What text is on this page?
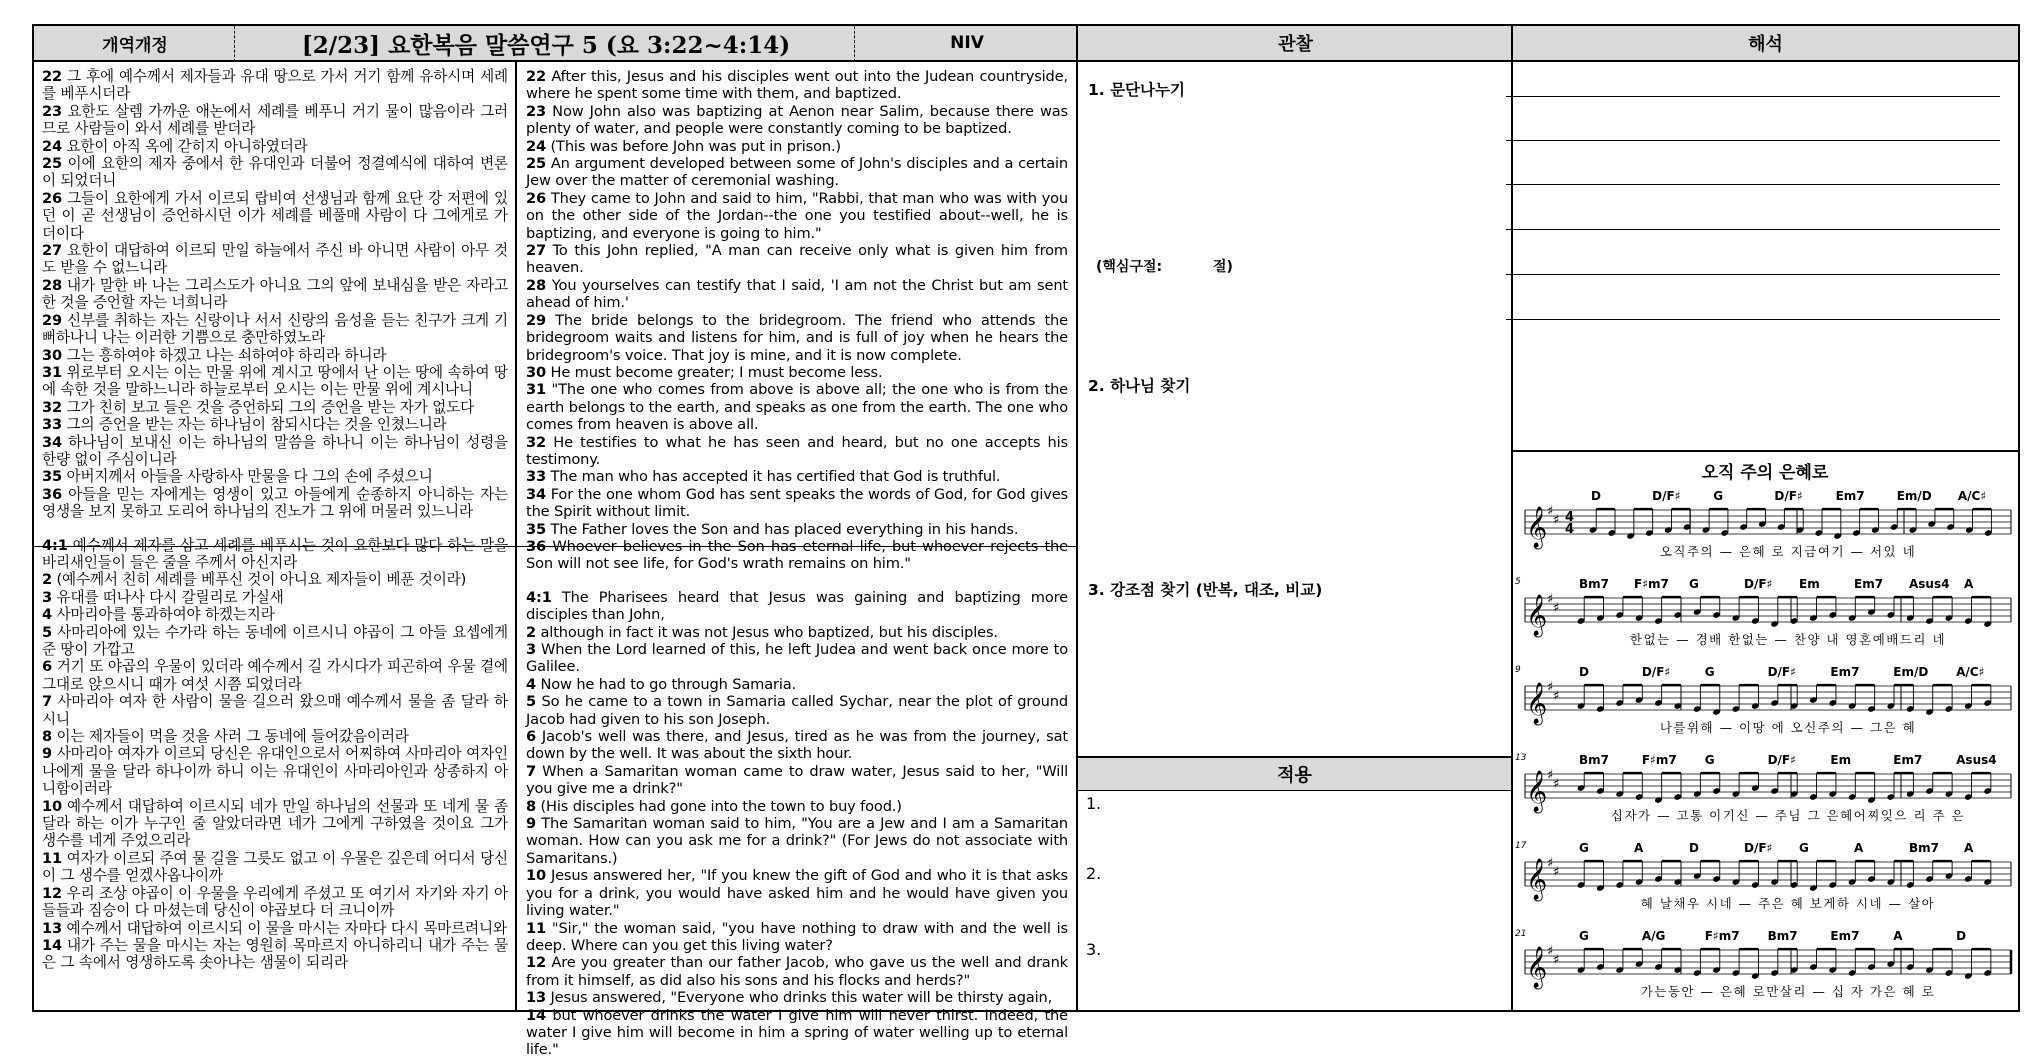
개역개정	[2/23] 요한복음 말씀연구 5 (요 3:22~4:14)	NIV	관찰	해석

22 그 후에 예수께서 제자들과 유대 땅으로 가서 거기 함께 유하시며 세례를 베푸시더라

23 요한도 살렘 가까운 애논에서 세례를 베푸니 거기 물이 많음이라 그러므로 사람들이 와서 세례를 받더라

24 요한이 아직 옥에 갇히지 아니하였더라

25 이에 요한의 제자 중에서 한 유대인과 더불어 정결예식에 대하여 변론이 되었더니

26 그들이 요한에게 가서 이르되 랍비여 선생님과 함께 요단 강 저편에 있던 이 곧 선생님이 증언하시던 이가 세례를 베풀매 사람이 다 그에게로 가더이다

27 요한이 대답하여 이르되 만일 하늘에서 주신 바 아니면 사람이 아무 것도 받을 수 없느니라

28 내가 말한 바 나는 그리스도가 아니요 그의 앞에 보내심을 받은 자라고 한 것을 증언할 자는 너희니라

29 신부를 취하는 자는 신랑이나 서서 신랑의 음성을 듣는 친구가 크게 기뻐하나니 나는 이러한 기쁨으로 충만하였노라

30 그는 흥하여야 하겠고 나는 쇠하여야 하리라 하니라

31 위로부터 오시는 이는 만물 위에 계시고 땅에서 난 이는 땅에 속하여 땅에 속한 것을 말하느니라 하늘로부터 오시는 이는 만물 위에 계시나니

32 그가 친히 보고 들은 것을 증언하되 그의 증언을 받는 자가 없도다

33 그의 증언을 받는 자는 하나님이 참되시다는 것을 인쳤느니라

34 하나님이 보내신 이는 하나님의 말씀을 하나니 이는 하나님이 성령을 한량 없이 주심이니라

35 아버지께서 아들을 사랑하사 만물을 다 그의 손에 주셨으니

36 아들을 믿는 자에게는 영생이 있고 아들에게 순종하지 아니하는 자는 영생을 보지 못하고 도리어 하나님의 진노가 그 위에 머물러 있느니라

4:1 예수께서 제자를 삼고 세례를 베푸시는 것이 요한보다 많다 하는 말을 바리새인들이 들은 줄을 주께서 아신지라

2 (예수께서 친히 세례를 베푸신 것이 아니요 제자들이 베푼 것이라)

3 유대를 떠나사 다시 갈릴리로 가실새

4 사마리아를 통과하여야 하겠는지라

5 사마리아에 있는 수가라 하는 동네에 이르시니 야곱이 그 아들 요셉에게 준 땅이 가깝고

6 거기 또 야곱의 우물이 있더라 예수께서 길 가시다가 피곤하여 우물 곁에 그대로 앉으시니 때가 여섯 시쯤 되었더라

7 사마리아 여자 한 사람이 물을 길으러 왔으매 예수께서 물을 좀 달라 하시니

8 이는 제자들이 먹을 것을 사러 그 동네에 들어갔음이러라

9 사마리아 여자가 이르되 당신은 유대인으로서 어찌하여 사마리아 여자인 나에게 물을 달라 하나이까 하니 이는 유대인이 사마리아인과 상종하지 아니함이러라

10 예수께서 대답하여 이르시되 네가 만일 하나님의 선물과 또 네게 물 좀 달라 하는 이가 누구인 줄 알았더라면 네가 그에게 구하였을 것이요 그가 생수를 네게 주었으리라

11 여자가 이르되 주여 물 길을 그릇도 없고 이 우물은 깊은데 어디서 당신이 그 생수를 얻겠사옵나이까

12 우리 조상 야곱이 이 우물을 우리에게 주셨고 또 여기서 자기와 자기 아들들과 짐승이 다 마셨는데 당신이 야곱보다 더 크니이까

13 예수께서 대답하여 이르시되 이 물을 마시는 자마다 다시 목마르려니와

14 내가 주는 물을 마시는 자는 영원히 목마르지 아니하리니 내가 주는 물은 그 속에서 영생하도록 솟아나는 샘물이 되리라

22 After this, Jesus and his disciples went out into the Judean countryside, where he spent some time with them, and baptized.

23 Now John also was baptizing at Aenon near Salim, because there was plenty of water, and people were constantly coming to be baptized.

24 (This was before John was put in prison.)

25 An argument developed between some of John's disciples and a certain Jew over the matter of ceremonial washing.

26 They came to John and said to him, "Rabbi, that man who was with you on the other side of the Jordan--the one you testified about--well, he is baptizing, and everyone is going to him."

27 To this John replied, "A man can receive only what is given him from heaven.

28 You yourselves can testify that I said, 'I am not the Christ but am sent ahead of him.'

29 The bride belongs to the bridegroom. The friend who attends the bridegroom waits and listens for him, and is full of joy when he hears the bridegroom's voice. That joy is mine, and it is now complete.

30 He must become greater; I must become less.

31 "The one who comes from above is above all; the one who is from the earth belongs to the earth, and speaks as one from the earth. The one who comes from heaven is above all.

32 He testifies to what he has seen and heard, but no one accepts his testimony.

33 The man who has accepted it has certified that God is truthful.

34 For the one whom God has sent speaks the words of God, for God gives the Spirit without limit.

35 The Father loves the Son and has placed everything in his hands.

36 Whoever believes in the Son has eternal life, but whoever rejects the Son will not see life, for God's wrath remains on him."

4:1 The Pharisees heard that Jesus was gaining and baptizing more disciples than John,

2 although in fact it was not Jesus who baptized, but his disciples.

3 When the Lord learned of this, he left Judea and went back once more to Galilee.

4 Now he had to go through Samaria.

5 So he came to a town in Samaria called Sychar, near the plot of ground Jacob had given to his son Joseph.

6 Jacob's well was there, and Jesus, tired as he was from the journey, sat down by the well. It was about the sixth hour.

7 When a Samaritan woman came to draw water, Jesus said to her, "Will you give me a drink?"

8 (His disciples had gone into the town to buy food.)

9 The Samaritan woman said to him, "You are a Jew and I am a Samaritan woman. How can you ask me for a drink?" (For Jews do not associate with Samaritans.)

10 Jesus answered her, "If you knew the gift of God and who it is that asks you for a drink, you would have asked him and he would have given you living water."

11 "Sir," the woman said, "you have nothing to draw with and the well is deep. Where can you get this living water?

12 Are you greater than our father Jacob, who gave us the well and drank from it himself, as did also his sons and his flocks and herds?"

13 Jesus answered, "Everyone who drinks this water will be thirsty again,

14 but whoever drinks the water I give him will never thirst. Indeed, the water I give him will become in him a spring of water welling up to eternal life."

1. 문단나누기
(핵심구절:	절)
2. 하나님 찾기
3. 강조점 찾기 (반복, 대조, 비교)
적용
1.
2.
3.
오직 주의 은혜로
𝄞 ♯
♯ 4
4
D	D/F♯	G	D/F♯	Em7	Em/D A/C♯
오직주의 — 은혜 로 지금여기 — 서있 네
𝄞 ♯
♯
5	Bm7 F♯m7 G	D/F♯ Em	Em7 Asus4 A
한없는 — 경배 한없는 — 찬양 내 영혼예배드리 네
𝄞 ♯
♯
9	D	D/F♯	G	D/F♯	Em7	Em/D A/C♯
나를위해 — 이땅 에 오신주의 — 그은 혜
𝄞 ♯
♯
13	Bm7	F♯m7 G	D/F♯	Em	Em7	Asus4
십자가 — 고통 이기신 — 주님 그 은혜어찌잊으 리 주 은
𝄞 ♯
♯
17	G	A	D	D/F♯ G	A	Bm7 A
혜 날채우 시네 — 주은 혜 보게하 시네 — 살아
𝄞 ♯
♯
21	G	A/G	F♯m7 Bm7	Em7	A	D
가는동안 — 은혜 로만살리 — 십 자 가은 혜 로
